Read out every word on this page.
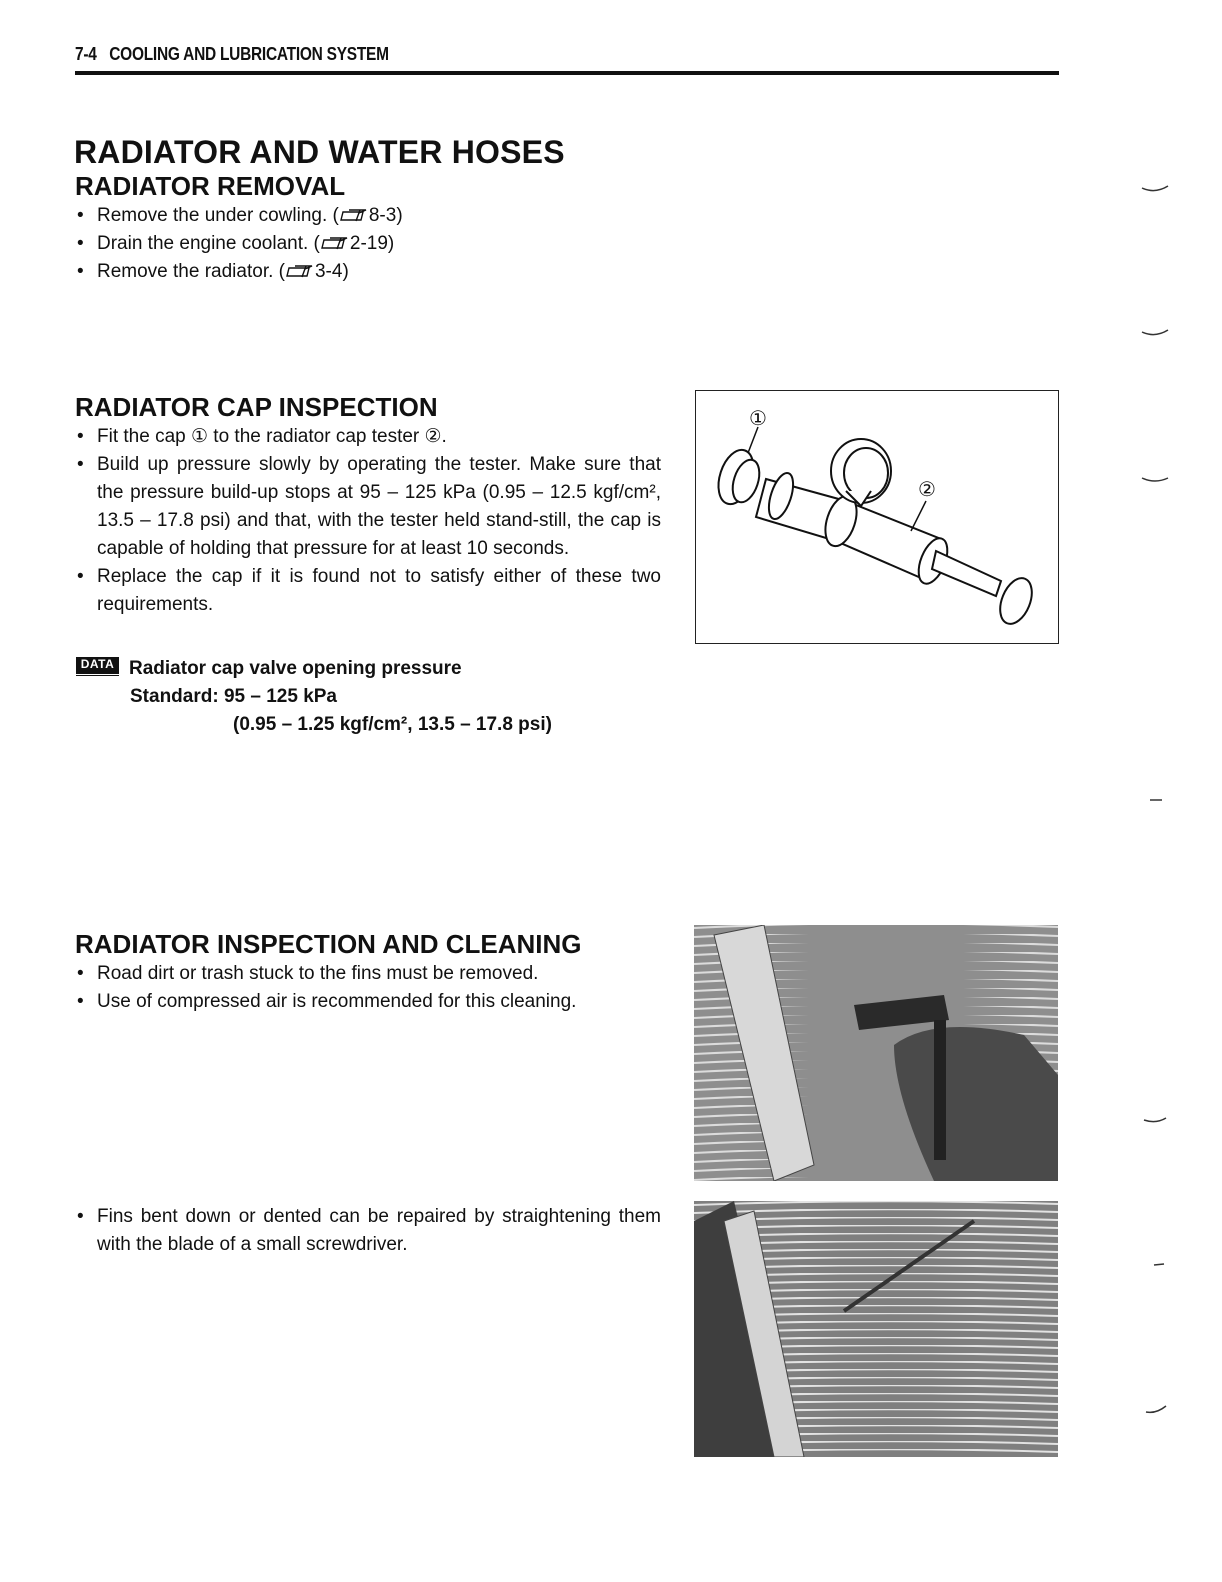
7-4 COOLING AND LUBRICATION SYSTEM
RADIATOR AND WATER HOSES
RADIATOR REMOVAL
• Remove the under cowling. ( 8-3)
• Drain the engine coolant. ( 2-19)
• Remove the radiator. ( 3-4)
RADIATOR CAP INSPECTION
• Fit the cap ① to the radiator cap tester ②.
• Build up pressure slowly by operating the tester. Make sure that the pressure build-up stops at 95 – 125 kPa (0.95 – 12.5 kgf/cm², 13.5 – 17.8 psi) and that, with the tester held stand-still, the cap is capable of holding that pressure for at least 10 seconds.
• Replace the cap if it is found not to satisfy either of these two requirements.
DATA Radiator cap valve opening pressure
Standard: 95 – 125 kPa
(0.95 – 1.25 kgf/cm², 13.5 – 17.8 psi)
①
②
RADIATOR INSPECTION AND CLEANING
• Road dirt or trash stuck to the fins must be removed.
• Use of compressed air is recommended for this cleaning.
• Fins bent down or dented can be repaired by straightening them with the blade of a small screwdriver.
